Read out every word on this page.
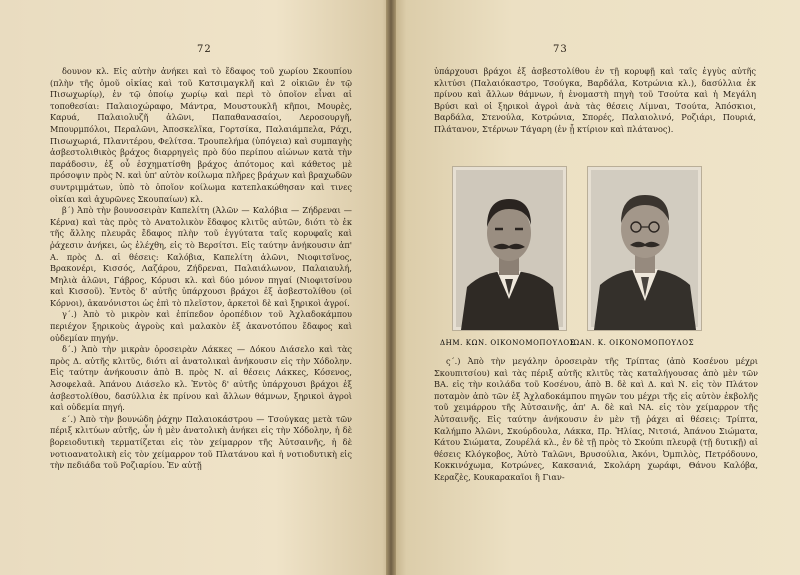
72

δουνον κλ. Εἰς αὐτὴν ἀνήκει καὶ τὸ ἔδαφος τοῦ χωρίου Σκουπίου (πλὴν τῆς ὁμοῦ οἰκίας καὶ τοῦ Κατσιμαγκλῆ καὶ 2 οἰκιῶν ἐν τῷ Πισωχωρίῳ), ἐν τῷ ὁποίῳ χωρίῳ καὶ περὶ τὸ ὁποῖον εἶναι αἱ τοποθεσίαι: Παλαιοχώραφο, Μάντρα, Μουστουκλῆ κῆποι, Μουρὲς, Καρυά, Παλαιολυζῆ ἀλῶνι, Παπαθανασαίοι, Λεροσουργῆ, Μπουρμπόλοι, Περαλῶνι, Ἀποσκελῖκα, Γορτσίκα, Παλαιάμπελα, Ράχι, Πισωχωριά, Πλανιτέρου, Φελίτσα. Τρουπελήμα (ὑπόγεια) καὶ συμπαγὴς ἀσβεστολιθικὸς βράχος διαρρηγεὶς πρὸ δύο περίπου αἰώνων κατὰ τὴν παράδοσιν, ἐξ οὗ ἐσχηματίσθη βράχος ἀπότομος καὶ κάθετος μὲ πρόσοψιν πρὸς Ν. καὶ ὑπ' αὐτὸν κοίλωμα πλῆρες βράχων καὶ βραχωδῶν συντριμμάτων, ὑπὸ τὸ ὁποῖον κοίλωμα κατεπλακώθησαν καὶ τινες οἰκίαι καὶ ἀχυρῶνες Σκουπαίων) κλ.

β΄) Ἀπὸ τὴν βουνοσειρὰν Καπελίτη (Ἀλῶν — Καλόβια — Ζήδρεναι — Κέρνα) καὶ τὰς πρὸς τὸ Ανατολικὸν ἔδαφος κλιτῦς αὐτῶν, διότι τὸ ἐκ τῆς ἄλλης πλευρᾶς ἔδαφος πλὴν τοῦ ἐγγύτατα ταῖς κορυφαῖς καὶ ῥάχεσιν ἀνήκει, ὡς ἐλέχθη, εἰς τὸ Βερσίτσι. Εἰς ταύτην ἀνήκουσιν ἀπ' Α. πρὸς Δ. αἱ θέσεις: Καλόβια, Καπελίτη ἀλῶνι, Νιοφιτσῖνος, Βρακονέρι, Κισσός, Λαζάρου, Ζήδρεναι, Παλαιάλωνον, Παλαιαυλή, Μηλιὰ ἀλῶνι, Γάβρος, Κόρυσι κλ. καὶ δύο μόνον πηγαί (Νιοφιτσίνου καὶ Κισσοῦ). Ἐντὸς δ' αὐτῆς ὑπάρχουσι βράχοι ἐξ ἀσβεστολίθου (οἱ Κόρνοι), ἀκανόνιστοι ὡς ἐπὶ τὸ πλεῖστον, ἀρκετοὶ δὲ καὶ ξηρικοὶ ἀγροί.

γ΄.) Ἀπὸ τὸ μικρὸν καὶ ἐπίπεδον ὀροπέδιον τοῦ Ἀχλαδοκάμπου περιέχον ξηρικοὺς ἀγροὺς καὶ μαλακὸν ἐξ ἀκανοτόπου ἔδαφος καὶ οὐδεμίαν πηγήν.

δ΄.) Ἀπὸ τὴν μικρὰν ὀροσειρὰν Λάκκες — Δόκου Διάσελο καὶ τὰς πρὸς Δ. αὐτῆς κλιτῦς, διότι αἱ ἀνατολικαὶ ἀνήκουσιν εἰς τὴν Χόδολην. Εἰς ταύτην ἀνήκουσιν ἀπὸ Β. πρὸς Ν. αἱ θέσεις Λάκκες, Κόσενος, Ἀσοφελαᾶ. Ἀπάνου Διάσελο κλ. Ἐντὸς δ' αὐτῆς ὑπάρχουσι βράχοι ἐξ ἀσβεστολίθου, δασύλλια ἐκ πρίνου καὶ ἄλλων θάμνων, ξηρικοὶ ἀγροὶ καὶ οὐδεμία πηγή.

ε΄.) Ἀπὸ τὴν βουνώδη ῥάχην Παλαιοκάστρου — Τσούγκας μετὰ τῶν πέριξ κλιτύων αὐτῆς, ὧν ἡ μὲν ἀνατολικὴ ἀνήκει εἰς τὴν Χόδολην, ἡ δὲ βορειοδυτικὴ τερματίζεται εἰς τὸν χείμαρρον τῆς Ἀὐτσαινῆς, ἡ δὲ νοτιοανατολικὴ εἰς τὸν χείμαρρον τοῦ Πλατάνου καὶ ἡ νοτιοδυτικὴ εἰς τὴν πεδιάδα τοῦ Ροζιαρίου. Ἐν αὐτῇ

73

ὑπάρχουσι βράχοι ἐξ ἀσβεστολίθου ἐν τῇ κορυφῇ καὶ ταῖς ἐγγὺς αὐτῆς κλιτύσι (Παλαιόκαστρο, Τσούγκα, Βαρδάλα, Κοτρώνια κλ.), δασύλλια ἐκ πρίνου καὶ ἄλλων θάμνων, ἡ ἐνομαστὴ πηγὴ τοῦ Τσούτα καὶ ἡ Μεγάλη Βρύσι καὶ οἱ ξηρικοὶ ἀγροὶ ἀνὰ τὰς θέσεις Λίμναι, Τσούτα, Ἀπόσκιοι, Βαρδάλα, Στενούλα, Κοτρώνια, Σπορές, Παλαιολινό, Ροζιάρι, Πουριά, Πλάτανον, Στέρνων Τάγαρη (ἐν ᾗ κτίριον καὶ πλάτανος).

ς΄.) Ἀπὸ τὴν μεγάλην ὀροσειρὰν τῆς Τρίπτας (ἀπὸ Κοσένου μέχρι Σκουπιτσίου) καὶ τὰς πέριξ αὐτῆς κλιτῦς τὰς καταλήγουσας ἀπὸ μὲν τῶν ΒΑ. εἰς τὴν κοιλάδα τοῦ Κοσένου, ἀπὸ Β. δὲ καὶ Δ. καὶ Ν. εἰς τὸν Πλάτον ποταμὸν ἀπὸ τῶν ἐξ Ἀχλαδοκάμπου πηγῶν του μέχρι τῆς εἰς αὐτὸν ἐκβολῆς τοῦ χειμάρρου τῆς Ἀὐτσαινῆς, ἀπ' Α. δὲ καὶ ΝΑ. εἰς τὸν χείμαρρον τῆς Ἀὐτσαινῆς. Εἰς ταύτην ἀνήκουσιν ἐν μὲν τῇ ῥάχει αἱ θέσεις: Τρίπτα, Καλήμπο Ἀλῶνι, Σκούρδουλα, Λάκκα, Πρ. Ἠλίας, Νιτσιά, Ἀπάνου Σιώματα, Κάτου Σιώματα, Ζουρέλά κλ., ἐν δὲ τῇ πρὸς τὸ Σκούπι πλευρᾷ (τῇ δυτικῇ) αἱ θέσεις Κλόγκοβος, Ἀὐτὸ Ταλῶνι, Βρυσούλια, Ἀκόνι, Ὀμπιλὸς, Πετρόδουνο, Κοκκινόχωμα, Κοτρώνες, Κακσανιά, Σκολάρη χωράφι, Θάνου Καλόβα, Κεραζὲς, Κουκαρακαῖοι ἢ Γιαν-

ΔΗΜ. ΚΩΝ. ΟΙΚΟΝΟΜΟΠΟΥΛΟΣ
ΙΩΑΝ. Κ. ΟΙΚΟΝΟΜΟΠΟΥΛΟΣ
